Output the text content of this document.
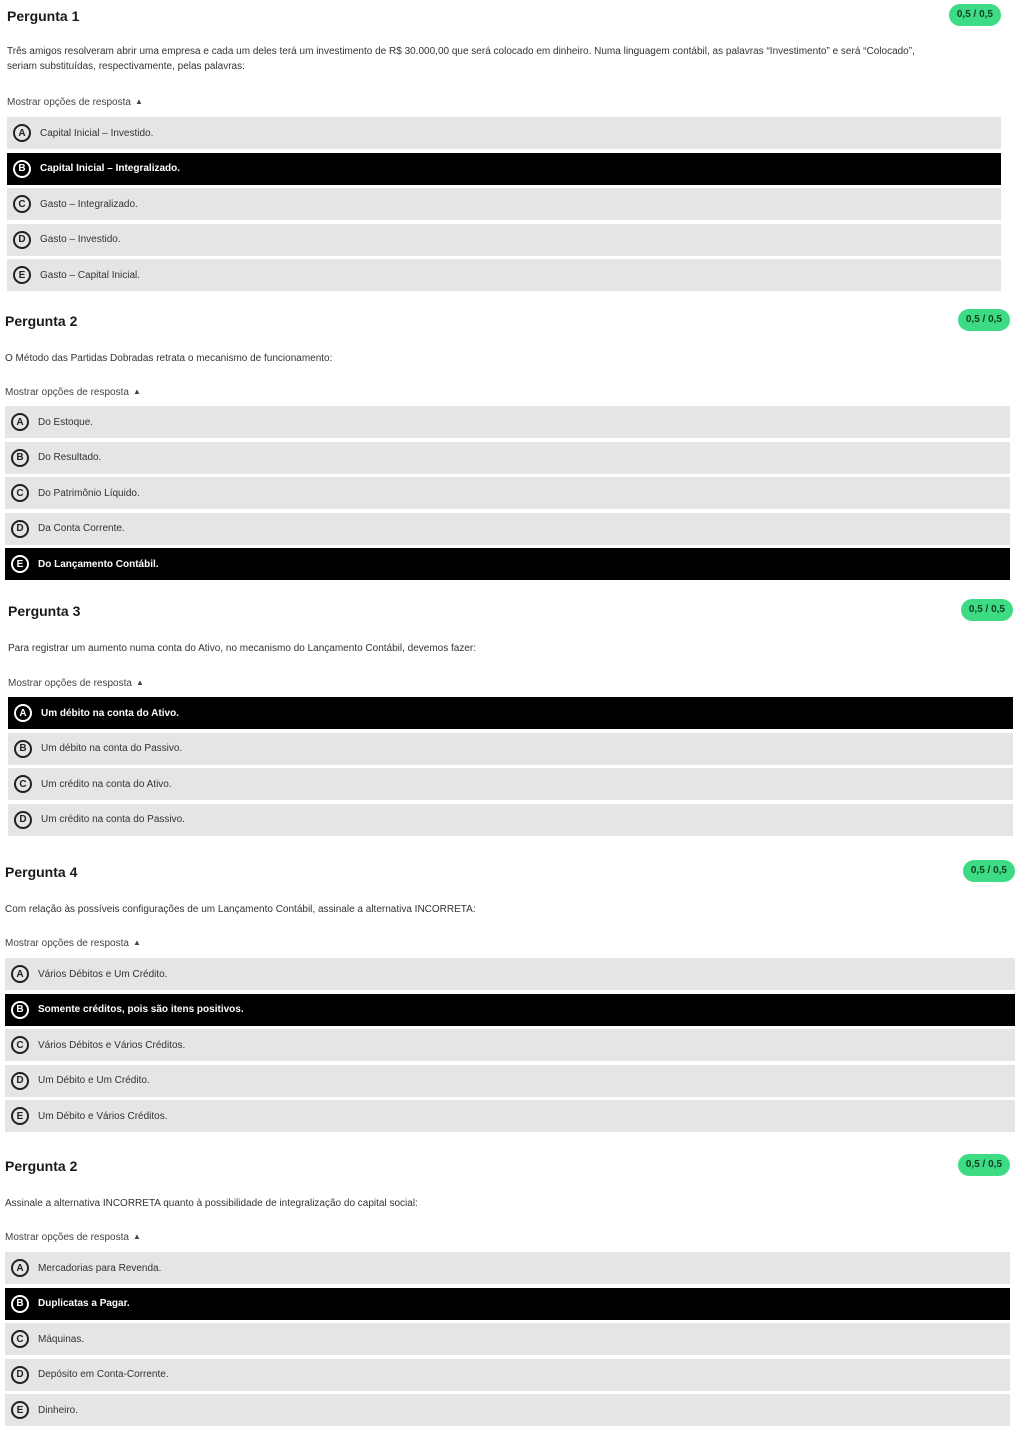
Pergunta 1	0,5 / 0,5
Três amigos resolveram abrir uma empresa e cada um deles terá um investimento de R$ 30.000,00 que será colocado em dinheiro. Numa linguagem contábil, as palavras “Investimento” e será “Colocado”,
seriam substituídas, respectivamente, pelas palavras:
Mostrar opções de resposta ▲
A	Capital Inicial – Investido.
B	Capital Inicial – Integralizado.
C	Gasto – Integralizado.
D	Gasto – Investido.
E	Gasto – Capital Inicial.
Pergunta 2	0,5 / 0,5
O Método das Partidas Dobradas retrata o mecanismo de funcionamento:
Mostrar opções de resposta ▲
A	Do Estoque.
B	Do Resultado.
C	Do Patrimônio Líquido.
D	Da Conta Corrente.
E	Do Lançamento Contábil.
Pergunta 3	0,5 / 0,5
Para registrar um aumento numa conta do Ativo, no mecanismo do Lançamento Contábil, devemos fazer:
Mostrar opções de resposta ▲
A	Um débito na conta do Ativo.
B	Um débito na conta do Passivo.
C	Um crédito na conta do Ativo.
D	Um crédito na conta do Passivo.
Pergunta 4	0,5 / 0,5
Com relação às possíveis configurações de um Lançamento Contábil, assinale a alternativa INCORRETA:
Mostrar opções de resposta ▲
A	Vários Débitos e Um Crédito.
B	Somente créditos, pois são itens positivos.
C	Vários Débitos e Vários Créditos.
D	Um Débito e Um Crédito.
E	Um Débito e Vários Créditos.
Pergunta 2	0,5 / 0,5
Assinale a alternativa INCORRETA quanto à possibilidade de integralização do capital social:
Mostrar opções de resposta ▲
A	Mercadorias para Revenda.
B	Duplicatas a Pagar.
C	Máquinas.
D	Depósito em Conta-Corrente.
E	Dinheiro.
